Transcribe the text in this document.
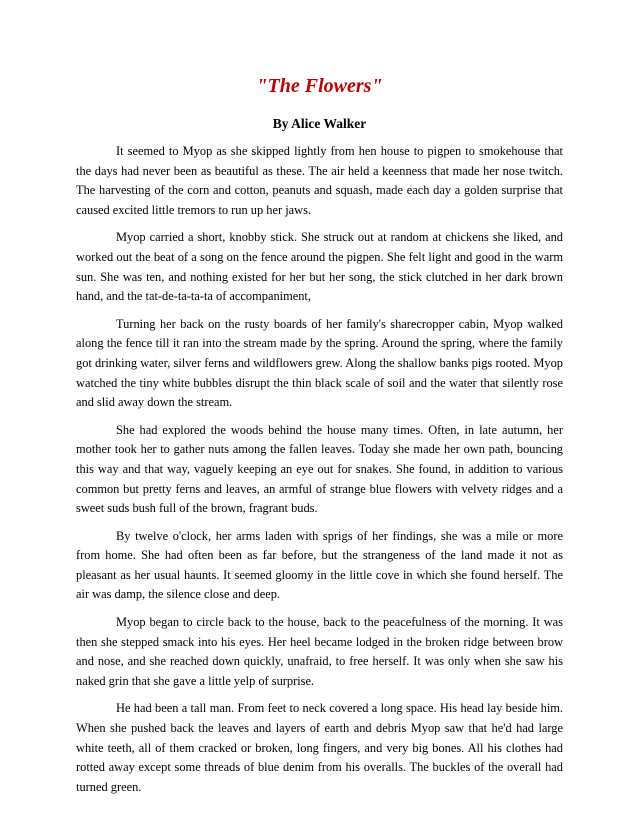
"The Flowers"
By Alice Walker

It seemed to Myop as she skipped lightly from hen house to pigpen to smokehouse that the days had never been as beautiful as these. The air held a keenness that made her nose twitch. The harvesting of the corn and cotton, peanuts and squash, made each day a golden surprise that caused excited little tremors to run up her jaws.

Myop carried a short, knobby stick. She struck out at random at chickens she liked, and worked out the beat of a song on the fence around the pigpen. She felt light and good in the warm sun. She was ten, and nothing existed for her but her song, the stick clutched in her dark brown hand, and the tat-de-ta-ta-ta of accompaniment,

Turning her back on the rusty boards of her family's sharecropper cabin, Myop walked along the fence till it ran into the stream made by the spring. Around the spring, where the family got drinking water, silver ferns and wildflowers grew. Along the shallow banks pigs rooted. Myop watched the tiny white bubbles disrupt the thin black scale of soil and the water that silently rose and slid away down the stream.

She had explored the woods behind the house many times. Often, in late autumn, her mother took her to gather nuts among the fallen leaves. Today she made her own path, bouncing this way and that way, vaguely keeping an eye out for snakes. She found, in addition to various common but pretty ferns and leaves, an armful of strange blue flowers with velvety ridges and a sweet suds bush full of the brown, fragrant buds.

By twelve o'clock, her arms laden with sprigs of her findings, she was a mile or more from home. She had often been as far before, but the strangeness of the land made it not as pleasant as her usual haunts. It seemed gloomy in the little cove in which she found herself. The air was damp, the silence close and deep.

Myop began to circle back to the house, back to the peacefulness of the morning. It was then she stepped smack into his eyes. Her heel became lodged in the broken ridge between brow and nose, and she reached down quickly, unafraid, to free herself. It was only when she saw his naked grin that she gave a little yelp of surprise.

He had been a tall man. From feet to neck covered a long space. His head lay beside him. When she pushed back the leaves and layers of earth and debris Myop saw that he'd had large white teeth, all of them cracked or broken, long fingers, and very big bones. All his clothes had rotted away except some threads of blue denim from his overalls. The buckles of the overall had turned green.
